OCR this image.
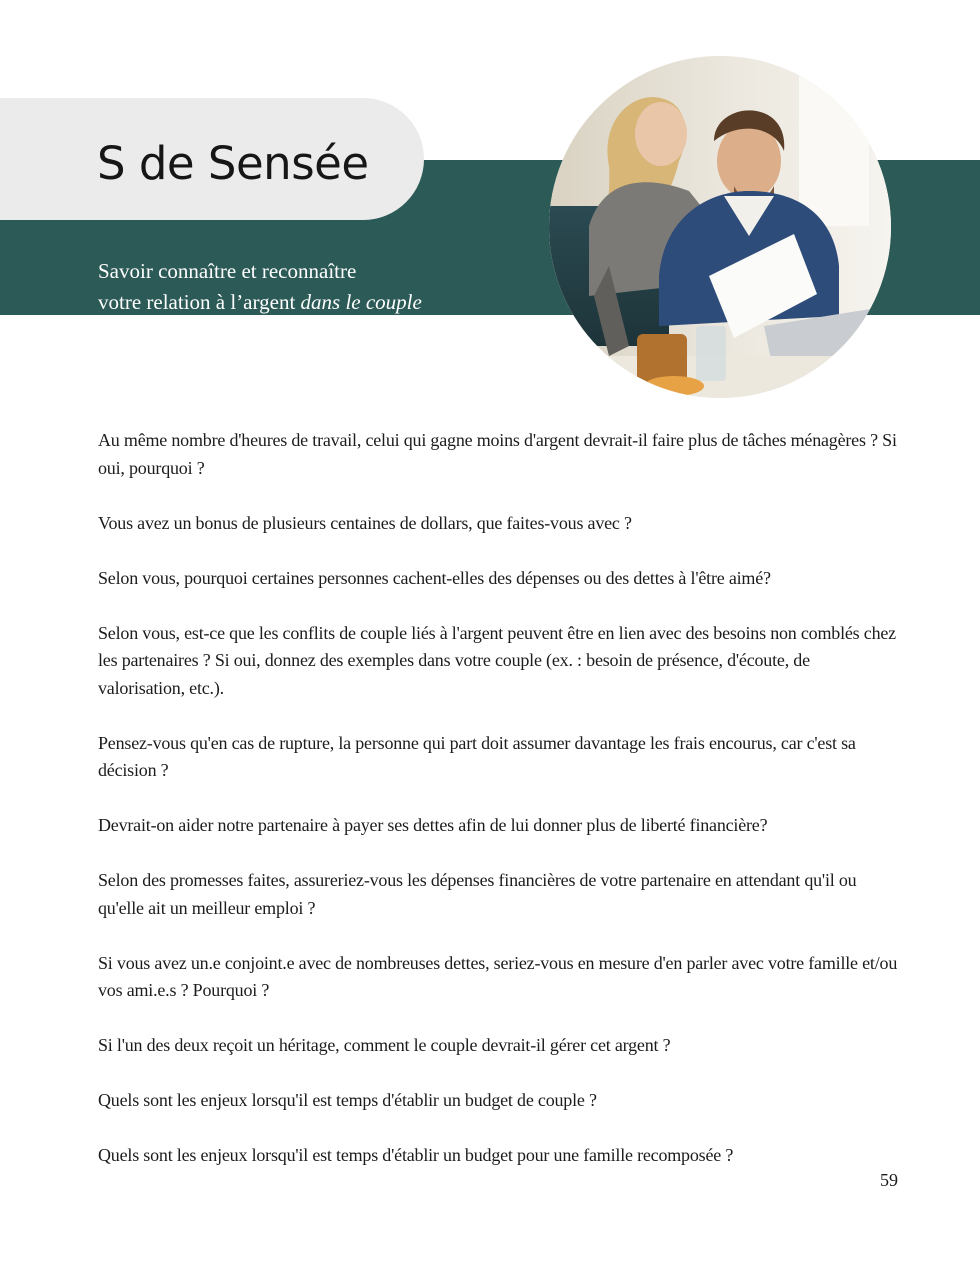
S de Sensée

Savoir connaître et reconnaître
votre relation à l’argent dans le couple

Au même nombre d'heures de travail, celui qui gagne moins d'argent devrait-il faire plus de tâches ménagères ? Si oui, pourquoi ?
Vous avez un bonus de plusieurs centaines de dollars, que faites-vous avec ?
Selon vous, pourquoi certaines personnes cachent-elles des dépenses ou des dettes à l'être aimé?
Selon vous, est-ce que les conflits de couple liés à l'argent peuvent être en lien avec des besoins non comblés chez les partenaires ? Si oui, donnez des exemples dans votre couple (ex. : besoin de présence, d'écoute, de valorisation, etc.).
Pensez-vous qu'en cas de rupture, la personne qui part doit assumer davantage les frais encourus, car c'est sa décision ?
Devrait-on aider notre partenaire à payer ses dettes afin de lui donner plus de liberté financière?
Selon des promesses faites, assureriez-vous les dépenses financières de votre partenaire en attendant qu'il ou qu'elle ait un meilleur emploi ?
Si vous avez un.e conjoint.e avec de nombreuses dettes, seriez-vous en mesure d'en parler avec votre famille et/ou vos ami.e.s ? Pourquoi ?
Si l'un des deux reçoit un héritage, comment le couple devrait-il gérer cet argent ?
Quels sont les enjeux lorsqu'il est temps d'établir un budget de couple ?
Quels sont les enjeux lorsqu'il est temps d'établir un budget pour une famille recomposée ?
59
